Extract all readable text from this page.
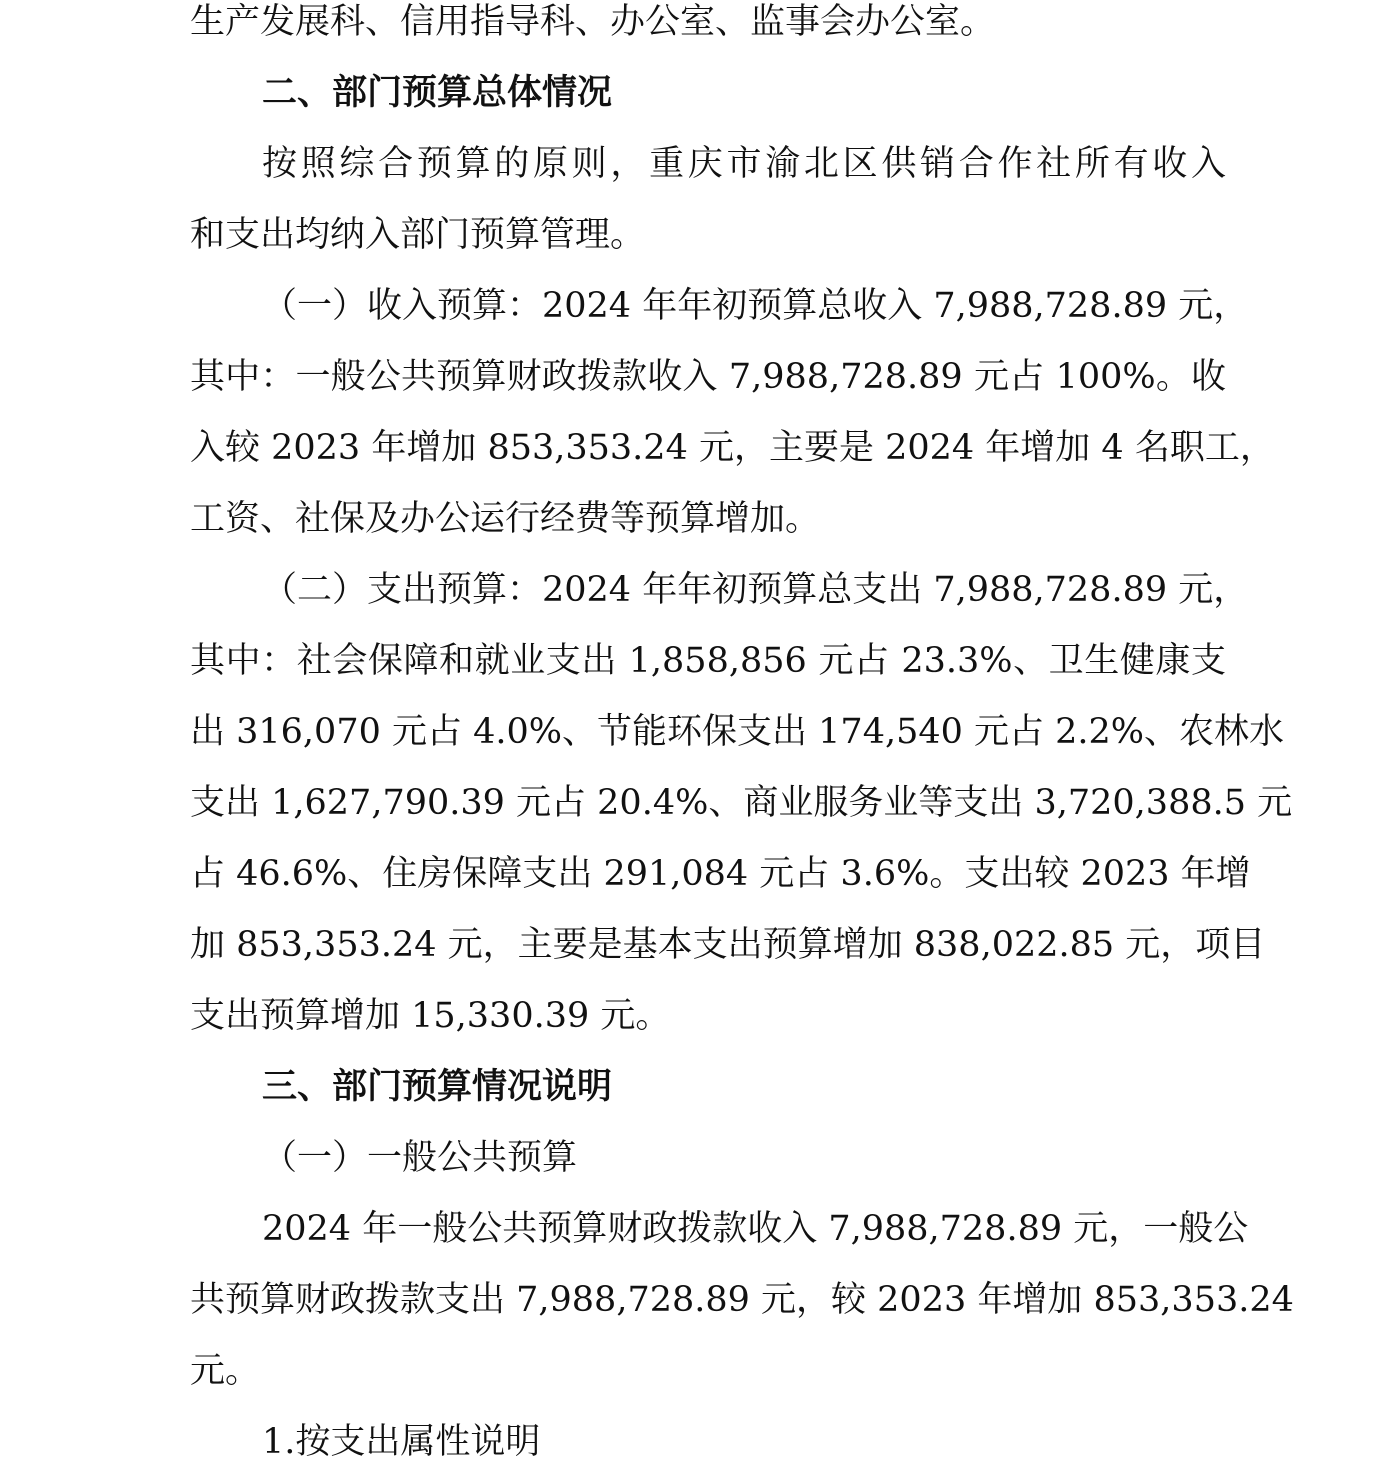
生产发展科、信用指导科、办公室、监事会办公室。

二、部门预算总体情况

按照综合预算的原则，重庆市渝北区供销合作社所有收入
和支出均纳入部门预算管理。

（一）收入预算：2024 年年初预算总收入 7,988,728.89 元，
其中：一般公共预算财政拨款收入 7,988,728.89 元占 100%。收
入较 2023 年增加 853,353.24 元，主要是 2024 年增加 4 名职工，
工资、社保及办公运行经费等预算增加。

（二）支出预算：2024 年年初预算总支出 7,988,728.89 元，
其中：社会保障和就业支出 1,858,856 元占 23.3%、卫生健康支
出 316,070 元占 4.0%、节能环保支出 174,540 元占 2.2%、农林水
支出 1,627,790.39 元占 20.4%、商业服务业等支出 3,720,388.5 元
占 46.6%、住房保障支出 291,084 元占 3.6%。支出较 2023 年增
加 853,353.24 元，主要是基本支出预算增加 838,022.85 元，项目
支出预算增加 15,330.39 元。

三、部门预算情况说明
（一）一般公共预算

2024 年一般公共预算财政拨款收入 7,988,728.89 元，一般公
共预算财政拨款支出 7,988,728.89 元，较 2023 年增加 853,353.24
元。

1.按支出属性说明
